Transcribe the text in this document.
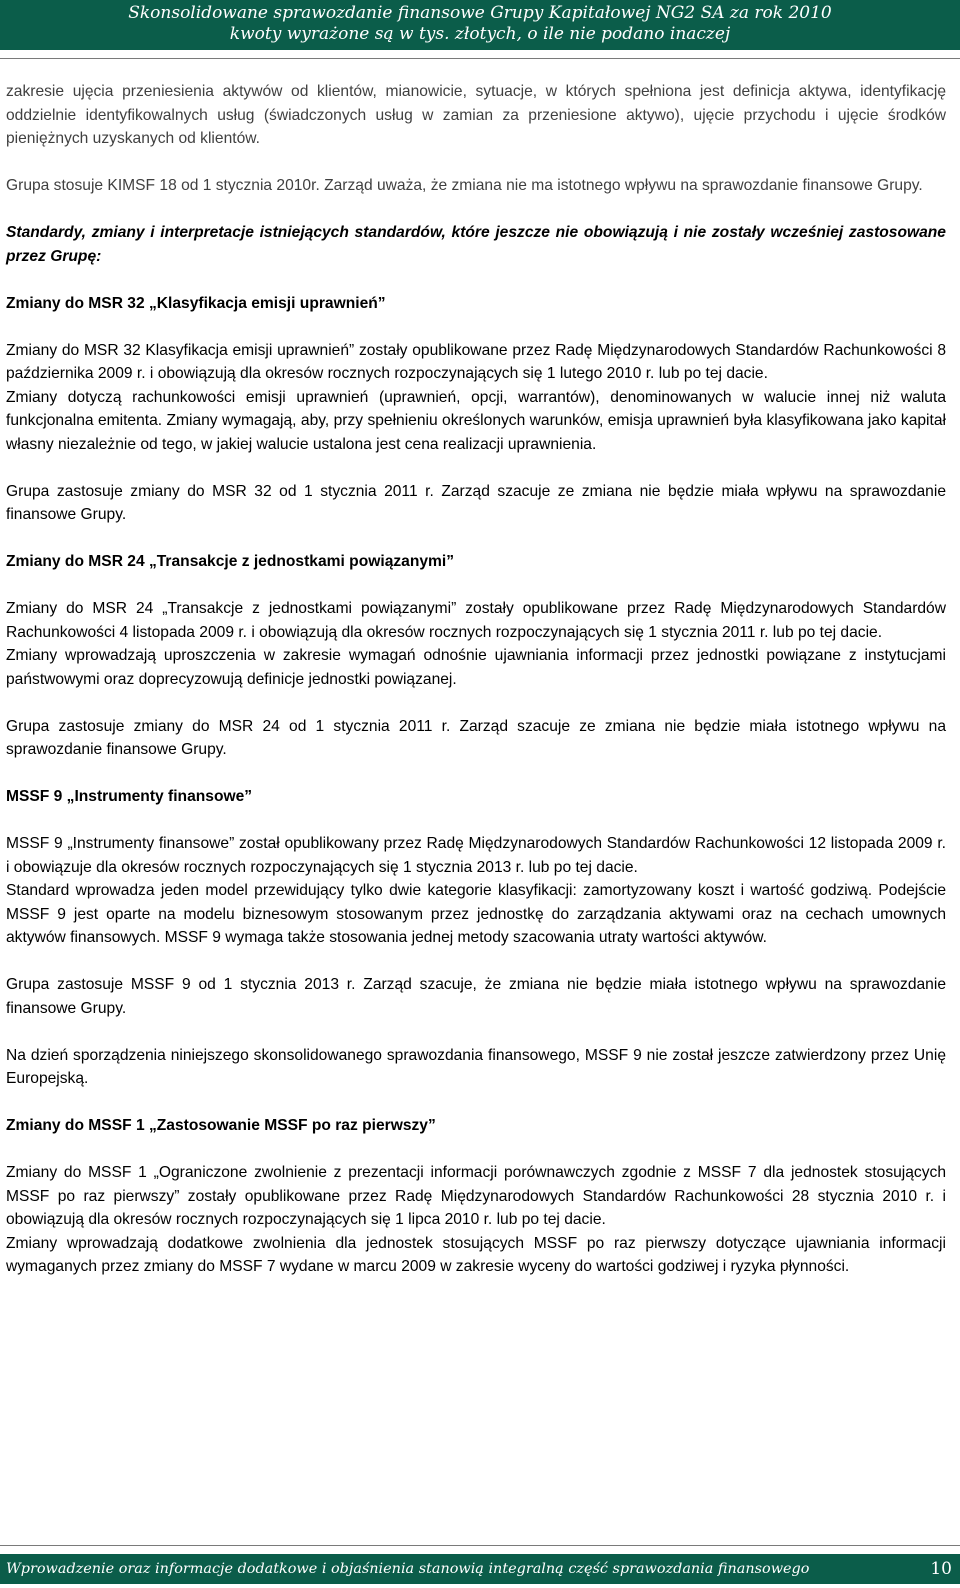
Skonsolidowane sprawozdanie finansowe Grupy Kapitałowej NG2 SA za rok 2010
kwoty wyrażone są w tys. złotych, o ile nie podano inaczej

zakresie ujęcia przeniesienia aktywów od klientów, mianowicie, sytuacje, w których spełniona jest definicja aktywa, identyfikację oddzielnie identyfikowalnych usług (świadczonych usług w zamian za przeniesione aktywo), ujęcie przychodu i ujęcie środków pieniężnych uzyskanych od klientów.

Grupa stosuje KIMSF 18 od 1 stycznia 2010r. Zarząd uważa, że zmiana nie ma istotnego wpływu na sprawozdanie finansowe Grupy.

Standardy, zmiany i interpretacje istniejących standardów, które jeszcze nie obowiązują i nie zostały wcześniej zastosowane przez Grupę:
Zmiany do MSR 32 „Klasyfikacja emisji uprawnień”

Zmiany do MSR 32 Klasyfikacja emisji uprawnień” zostały opublikowane przez Radę Międzynarodowych Standardów Rachunkowości 8 października 2009 r. i obowiązują dla okresów rocznych rozpoczynających się 1 lutego 2010 r. lub po tej dacie.

Zmiany dotyczą rachunkowości emisji uprawnień (uprawnień, opcji, warrantów), denominowanych w walucie innej niż waluta funkcjonalna emitenta. Zmiany wymagają, aby, przy spełnieniu określonych warunków, emisja uprawnień była klasyfikowana jako kapitał własny niezależnie od tego, w jakiej walucie ustalona jest cena realizacji uprawnienia.

Grupa zastosuje zmiany do MSR 32 od 1 stycznia 2011 r. Zarząd szacuje ze zmiana nie będzie miała wpływu na sprawozdanie finansowe Grupy.

Zmiany do MSR 24 „Transakcje z jednostkami powiązanymi”

Zmiany do MSR 24 „Transakcje z jednostkami powiązanymi” zostały opublikowane przez Radę Międzynarodowych Standardów Rachunkowości 4 listopada 2009 r. i obowiązują dla okresów rocznych rozpoczynających się 1 stycznia 2011 r. lub po tej dacie.

Zmiany wprowadzają uproszczenia w zakresie wymagań odnośnie ujawniania informacji przez jednostki powiązane z instytucjami państwowymi oraz doprecyzowują definicje jednostki powiązanej.

Grupa zastosuje zmiany do MSR 24 od 1 stycznia 2011 r. Zarząd szacuje ze zmiana nie będzie miała istotnego wpływu na sprawozdanie finansowe Grupy.

MSSF 9 „Instrumenty finansowe”

MSSF 9 „Instrumenty finansowe” został opublikowany przez Radę Międzynarodowych Standardów Rachunkowości 12 listopada 2009 r. i obowiązuje dla okresów rocznych rozpoczynających się 1 stycznia 2013 r. lub po tej dacie.

Standard wprowadza jeden model przewidujący tylko dwie kategorie klasyfikacji: zamortyzowany koszt i wartość godziwą. Podejście MSSF 9 jest oparte na modelu biznesowym stosowanym przez jednostkę do zarządzania aktywami oraz na cechach umownych aktywów finansowych. MSSF 9 wymaga także stosowania jednej metody szacowania utraty wartości aktywów.

Grupa zastosuje MSSF 9 od 1 stycznia 2013 r. Zarząd szacuje, że zmiana nie będzie miała istotnego wpływu na sprawozdanie finansowe Grupy.

Na dzień sporządzenia niniejszego skonsolidowanego sprawozdania finansowego, MSSF 9 nie został jeszcze zatwierdzony przez Unię Europejską.

Zmiany do MSSF 1 „Zastosowanie MSSF po raz pierwszy”

Zmiany do MSSF 1 „Ograniczone zwolnienie z prezentacji informacji porównawczych zgodnie z MSSF 7 dla jednostek stosujących MSSF po raz pierwszy” zostały opublikowane przez Radę Międzynarodowych Standardów Rachunkowości 28 stycznia 2010 r. i obowiązują dla okresów rocznych rozpoczynających się 1 lipca 2010 r. lub po tej dacie.

Zmiany wprowadzają dodatkowe zwolnienia dla jednostek stosujących MSSF po raz pierwszy dotyczące ujawniania informacji wymaganych przez zmiany do MSSF 7 wydane w marcu 2009 w zakresie wyceny do wartości godziwej i ryzyka płynności.

Wprowadzenie oraz informacje dodatkowe i objaśnienia stanowią integralną część sprawozdania finansowego	10
